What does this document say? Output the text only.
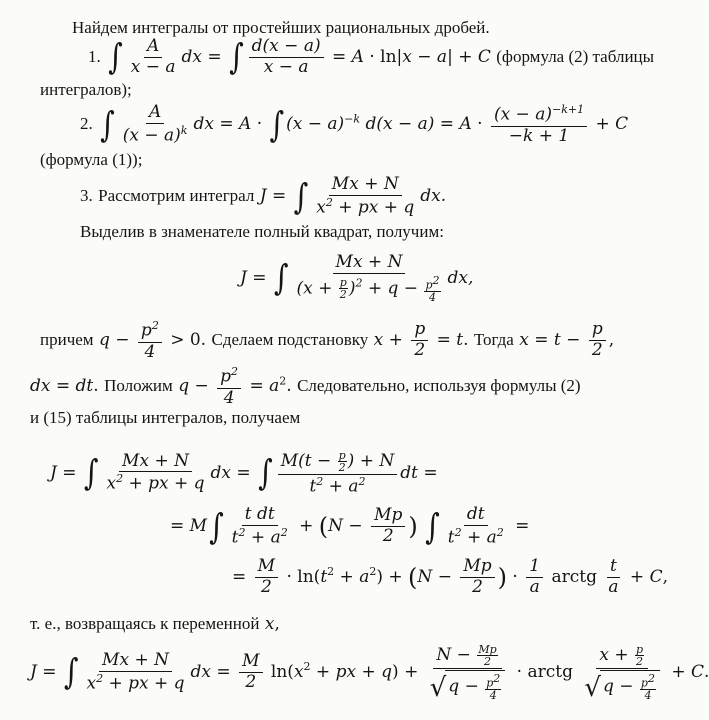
Найдем интегралы от простейших рациональных дробей.
1. ∫ $\frac{A}{x - a}$ dx = ∫ $\frac{d(x - a)}{x - a} = A \cdot \ln|x - a| + C$ (формула (2) таблицы
интегралов);
2. ∫ $\frac{A}{(x - a)^k}$ dx = A · ∫ $(x - a)^{-k}$ $d(x - a) = A \cdot \frac{(x - a)^{-k+1}}{-k + 1} + C$
(формула (1));
3. Рассмотрим интеграл J = ∫ $\frac{Mx + N}{x^2 + px + q}$ dx.
Выделив в знаменателе полный квадрат, получим:
J = ∫ $\frac{Mx + N}{(x + \frac{p}{2} )^2 + q - \frac{p^2}{4}}$ dx,
причем $q - \frac{p^2}{4} > 0$. Сделаем подстановку $x + \frac{p}{2} = t$. Тогда $x = t - \frac{p}{2}$ ,
dx = dt. Положим $q - \frac{p^2}{4} = a^2$. Следовательно, используя формулы (2)
и (15) таблицы интегралов, получаем
J = ∫ $\frac{Mx + N}{x^2 + px + q}$ dx = ∫ $\frac{M(t - \frac{p}{2} ) + N}{t^2 + a^2}$ dt =
= $M\int \frac{\text{t dt}}{t^2 + a^2} + (N - \frac{Mp}{2}$ ) ∫ $\frac{dt}{t^2 + a^2}$ =
= $\frac{M}{2} \cdot \ln(t^2 + a^2) + (N - \frac{Mp}{2}$ ) · $\frac{1}{a}$ arctg $\frac{t}{a} + C$,
т. е., возвращаясь к переменной x,
J = ∫ $\frac{Mx + N}{x^2 + px + q}$ dx = $\frac{M}{2} \ln(x^2$ + px + $q) + \frac{N - \frac{Mp}{2}}{√ q - \frac{p^2}{4}}$ · arctg $\frac{x + \frac{p}{2}}{√ q - \frac{p^2}{4}} + C$.
